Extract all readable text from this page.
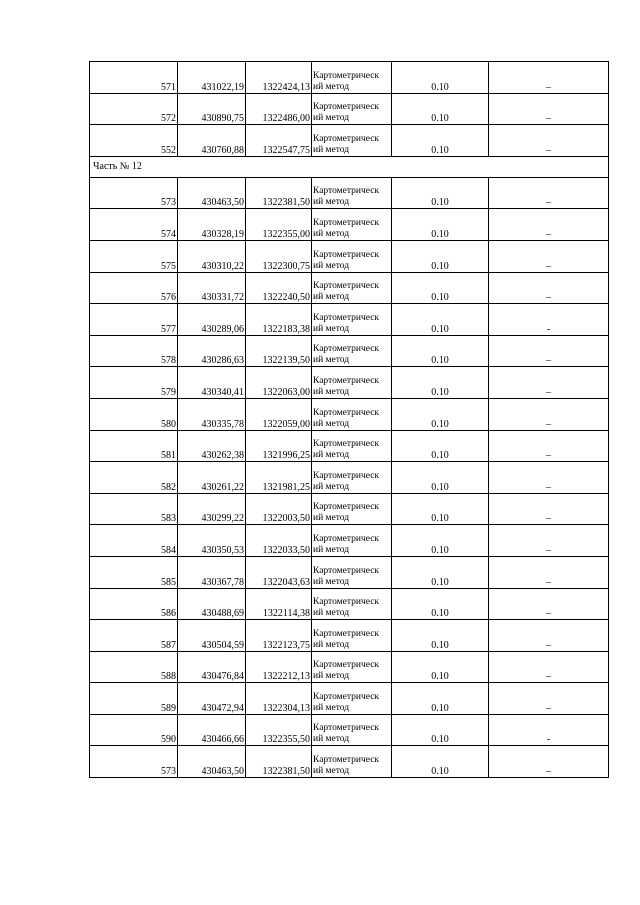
571	431022,19	1322424,13	Картометрическ ий метод	0.10	–
572	430890,75	1322486,00	Картометрическ ий метод	0.10	–
552	430760,88	1322547,75	Картометрическ ий метод	0.10	–
Часть № 12					
573	430463,50	1322381,50	Картометрическ ий метод	0.10	–
574	430328,19	1322355,00	Картометрическ ий метод	0.10	–
575	430310,22	1322300,75	Картометрическ ий метод	0.10	–
576	430331,72	1322240,50	Картометрическ ий метод	0.10	–
577	430289,06	1322183,38	Картометрическ ий метод	0.10	-
578	430286,63	1322139,50	Картометрическ ий метод	0.10	–
579	430340,41	1322063,00	Картометрическ ий метод	0.10	–
580	430335,78	1322059,00	Картометрическ ий метод	0.10	–
581	430262,38	1321996,25	Картометрическ ий метод	0.10	–
582	430261,22	1321981,25	Картометрическ ий метод	0.10	–
583	430299,22	1322003,50	Картометрическ ий метод	0.10	–
584	430350,53	1322033,50	Картометрическ ий метод	0.10	–
585	430367,78	1322043,63	Картометрическ ий метод	0.10	–
586	430488,69	1322114,38	Картометрическ ий метод	0.10	–
587	430504,59	1322123,75	Картометрическ ий метод	0.10	–
588	430476,84	1322212,13	Картометрическ ий метод	0.10	–
589	430472,94	1322304,13	Картометрическ ий метод	0.10	–
590	430466,66	1322355,50	Картометрическ ий метод	0.10	-
573	430463,50	1322381,50	Картометрическ ий метод	0.10	–
